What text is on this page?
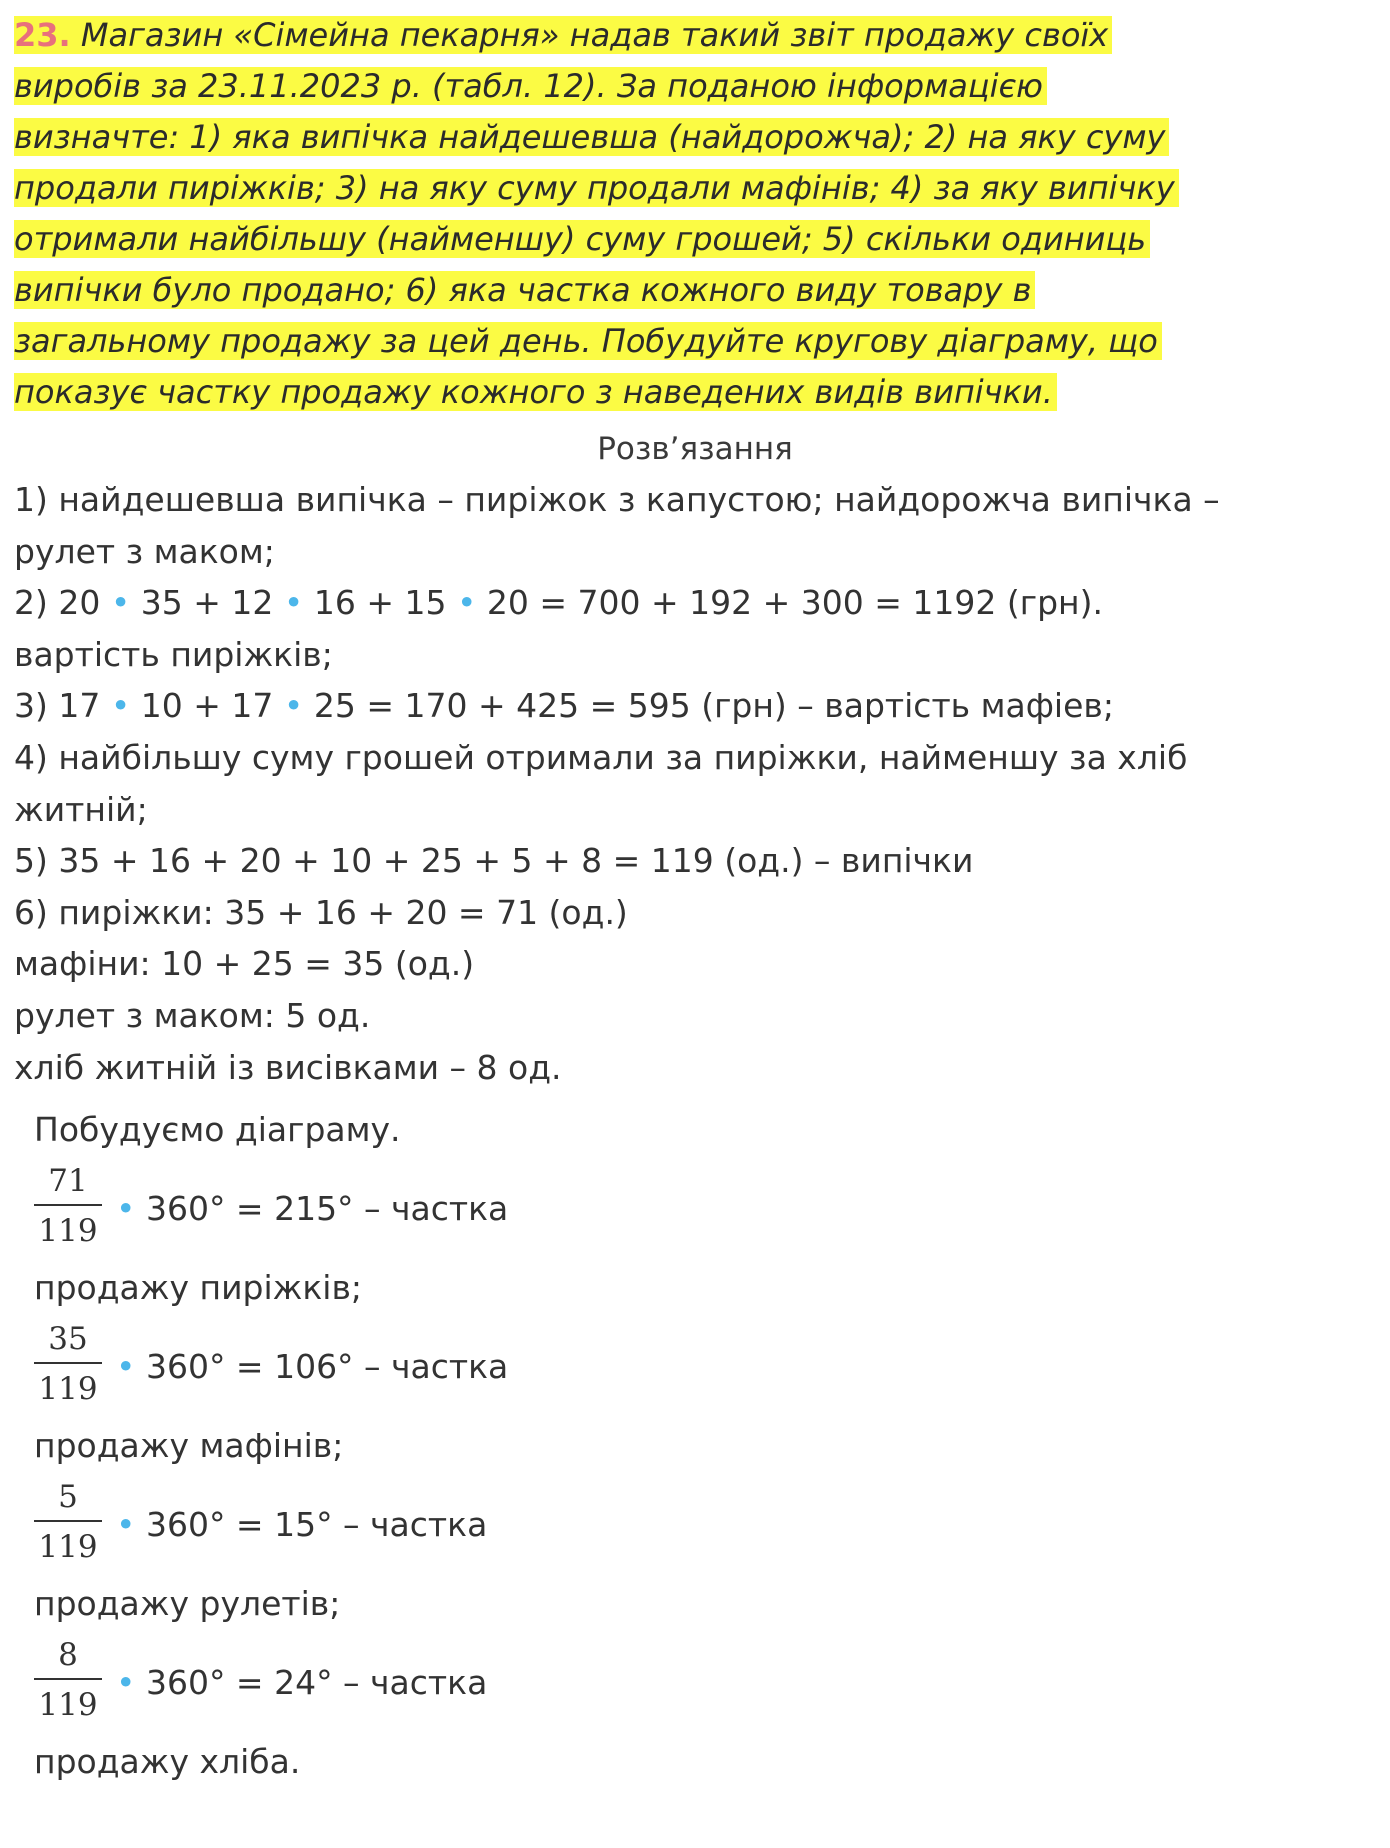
23. Магазин «Сімейна пекарня» надав такий звіт продажу своїх
виробів за 23.11.2023 р. (табл. 12). За поданою інформацією
визначте: 1) яка випічка найдешевша (найдорожча); 2) на яку суму
продали пиріжків; 3) на яку суму продали мафінів; 4) за яку випічку
отримали найбільшу (найменшу) суму грошей; 5) скільки одиниць
випічки було продано; 6) яка частка кожного виду товару в
загальному продажу за цей день. Побудуйте кругову діаграму, що
показує частку продажу кожного з наведених видів випічки.
Розв’язання
1) найдешевша випічка – пиріжок з капустою; найдорожча випічка –
рулет з маком;
2) 20 • 35 + 12 • 16 + 15 • 20 = 700 + 192 + 300 = 1192 (грн).
вартість пиріжків;
3) 17 • 10 + 17 • 25 = 170 + 425 = 595 (грн) – вартість мафіев;
4) найбільшу суму грошей отримали за пиріжки, найменшу за хліб
житній;
5) 35 + 16 + 20 + 10 + 25 + 5 + 8 = 119 (од.) – випічки
6) пиріжки: 35 + 16 + 20 = 71 (од.)
мафіни: 10 + 25 = 35 (од.)
рулет з маком: 5 од.
хліб житній із висівками – 8 од.
Побудуємо діаграму.
71
119
• 360° = 215° – частка
продажу пиріжків;
35
119
• 360° = 106° – частка
продажу мафінів;
5
119
• 360° = 15° – частка
продажу рулетів;
8
119
• 360° = 24° – частка
продажу хліба.
